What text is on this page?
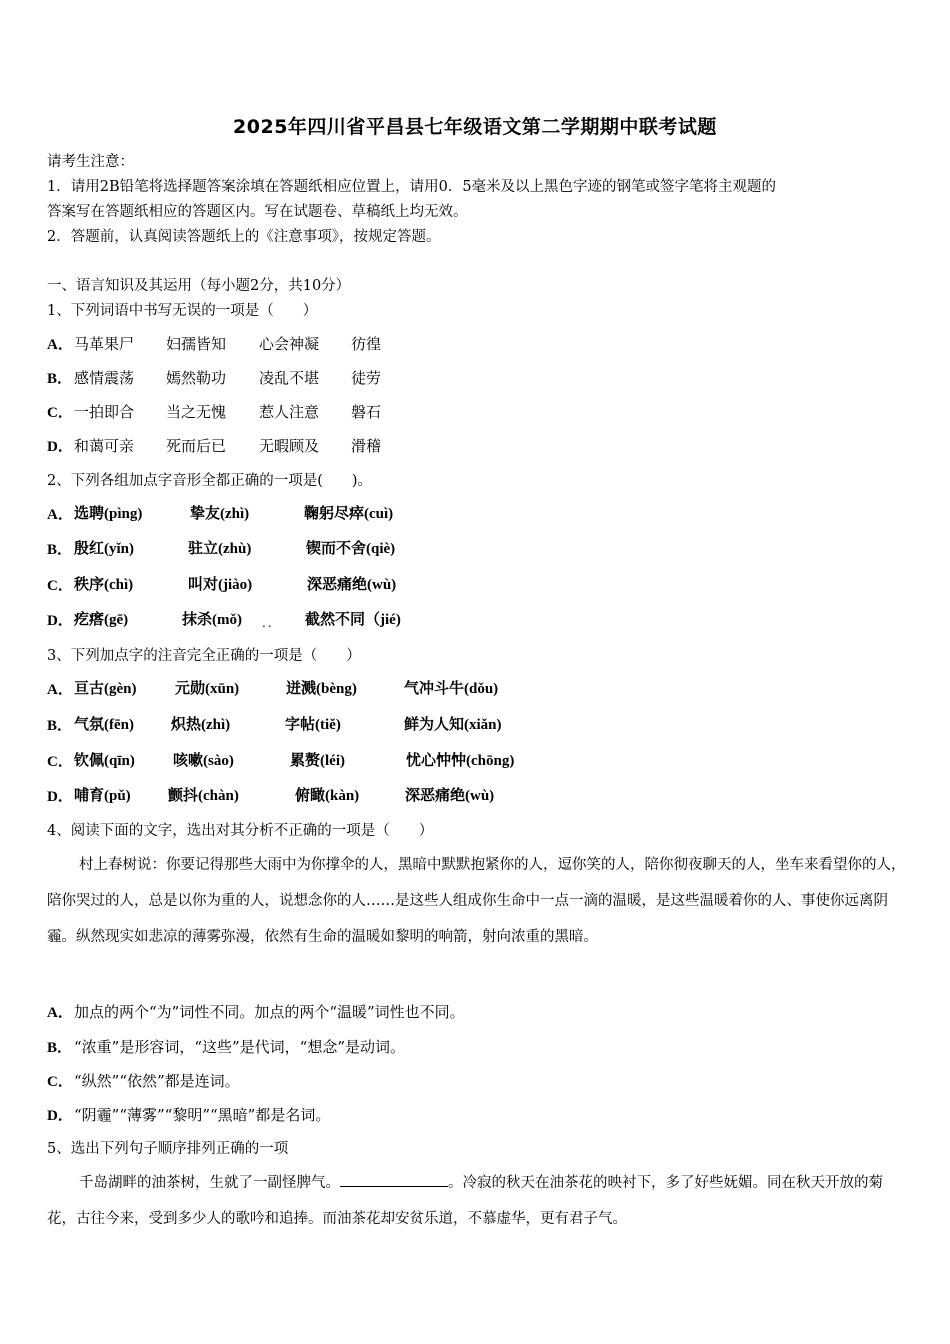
2025年四川省平昌县七年级语文第二学期期中联考试题
请考生注意：
1．请用2B铅笔将选择题答案涂填在答题纸相应位置上，请用0．5毫米及以上黑色字迹的钢笔或签字笔将主观题的
答案写在答题纸相应的答题区内。写在试题卷、草稿纸上均无效。
2．答题前，认真阅读答题纸上的《注意事项》，按规定答题。
一、语言知识及其运用（每小题2分，共10分）
1、下列词语中书写无误的一项是（　　）
A． 马革果尸 妇孺皆知 心会神凝 彷徨
B． 感情震荡 嫣然勒功 凌乱不堪 徒劳
C． 一拍即合 当之无愧 惹人注意 磐石
D． 和蔼可亲 死而后已 无暇顾及 滑稽
2、下列各组加点字音形全都正确的一项是(　　)。
A． 选聘(pìng)	挚友(zhì)	鞠躬尽瘁(cuì)
B． 殷红(yǐn)	驻立(zhù)	锲而不舍(qiè)
C． 秩序(chì)	叫对(jiào)	深恶痛绝(wù)
D． 疙瘩(gē)	抹杀(mǒ)	截然不同（jié)
..
3、下列加点字的注音完全正确的一项是（　　）
A． 亘古(gèn)	元勋(xūn)	迸溅(bèng)	气冲斗牛(dǒu)
B． 气氛(fēn) 炽热(zhì)	字帖(tiě)	鲜为人知(xiǎn)
C． 钦佩(qīn)	咳嗽(sào)	累赘(léi)	忧心忡忡(chōng)
D． 哺育(pǔ) 颤抖(chàn)	俯瞰(kàn)	深恶痛绝(wù)
4、阅读下面的文字，选出对其分析不正确的一项是（　　）
村上春树说：你要记得那些大雨中为你撑伞的人，黑暗中默默抱紧你的人，逗你笑的人，陪你彻夜聊天的人，坐车来看望你的人，陪你哭过的人，总是以你为重的人，说想念你的人……是这些人组成你生命中一点一滴的温暖，是这些温暖着你的人、事使你远离阴霾。纵然现实如悲凉的薄雾弥漫，依然有生命的温暖如黎明的响箭，射向浓重的黑暗。
A．加点的两个“为”词性不同。加点的两个“温暖”词性也不同。
B． “浓重”是形容词，“这些”是代词，“想念”是动词。
C．“纵然”“依然”都是连词。
D．“阴霾”“薄雾”“黎明”“黑暗”都是名词。
5、选出下列句子顺序排列正确的一项
千岛湖畔的油茶树，生就了一副怪脾气。	。冷寂的秋天在油茶花的映衬下，多了好些妩媚。同在秋天开放的菊花，古往今来，受到多少人的歌吟和追捧。而油茶花却安贫乐道，不慕虚华，更有君子气。
